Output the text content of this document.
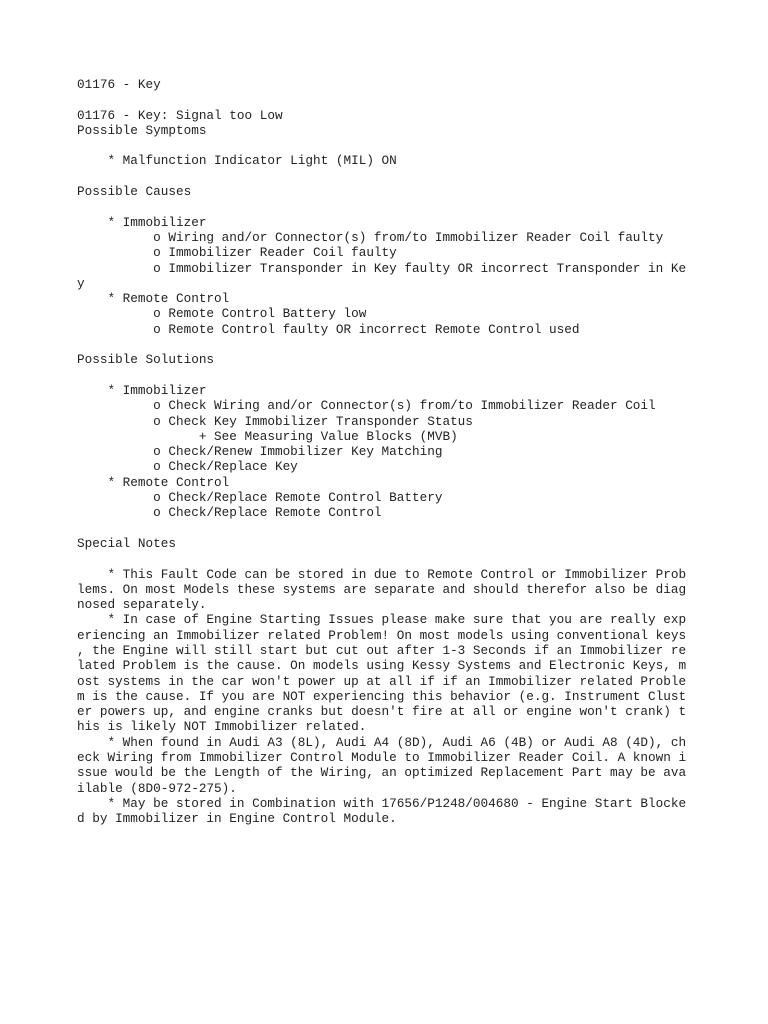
01176 - Key
01176 - Key: Signal too Low
Possible Symptoms
* Malfunction Indicator Light (MIL) ON
Possible Causes
* Immobilizer
o Wiring and/or Connector(s) from/to Immobilizer Reader Coil faulty
o Immobilizer Reader Coil faulty
o Immobilizer Transponder in Key faulty OR incorrect Transponder in Ke
y
* Remote Control
o Remote Control Battery low
o Remote Control faulty OR incorrect Remote Control used
Possible Solutions
* Immobilizer
o Check Wiring and/or Connector(s) from/to Immobilizer Reader Coil
o Check Key Immobilizer Transponder Status
+ See Measuring Value Blocks (MVB)
o Check/Renew Immobilizer Key Matching
o Check/Replace Key
* Remote Control
o Check/Replace Remote Control Battery
o Check/Replace Remote Control
Special Notes
* This Fault Code can be stored in due to Remote Control or Immobilizer Prob
lems. On most Models these systems are separate and should therefor also be diag
nosed separately.
* In case of Engine Starting Issues please make sure that you are really exp
eriencing an Immobilizer related Problem! On most models using conventional keys
, the Engine will still start but cut out after 1-3 Seconds if an Immobilizer re
lated Problem is the cause. On models using Kessy Systems and Electronic Keys, m
ost systems in the car won't power up at all if if an Immobilizer related Proble
m is the cause. If you are NOT experiencing this behavior (e.g. Instrument Clust
er powers up, and engine cranks but doesn't fire at all or engine won't crank) t
his is likely NOT Immobilizer related.
* When found in Audi A3 (8L), Audi A4 (8D), Audi A6 (4B) or Audi A8 (4D), ch
eck Wiring from Immobilizer Control Module to Immobilizer Reader Coil. A known i
ssue would be the Length of the Wiring, an optimized Replacement Part may be ava
ilable (8D0-972-275).
* May be stored in Combination with 17656/P1248/004680 - Engine Start Blocke
d by Immobilizer in Engine Control Module.
